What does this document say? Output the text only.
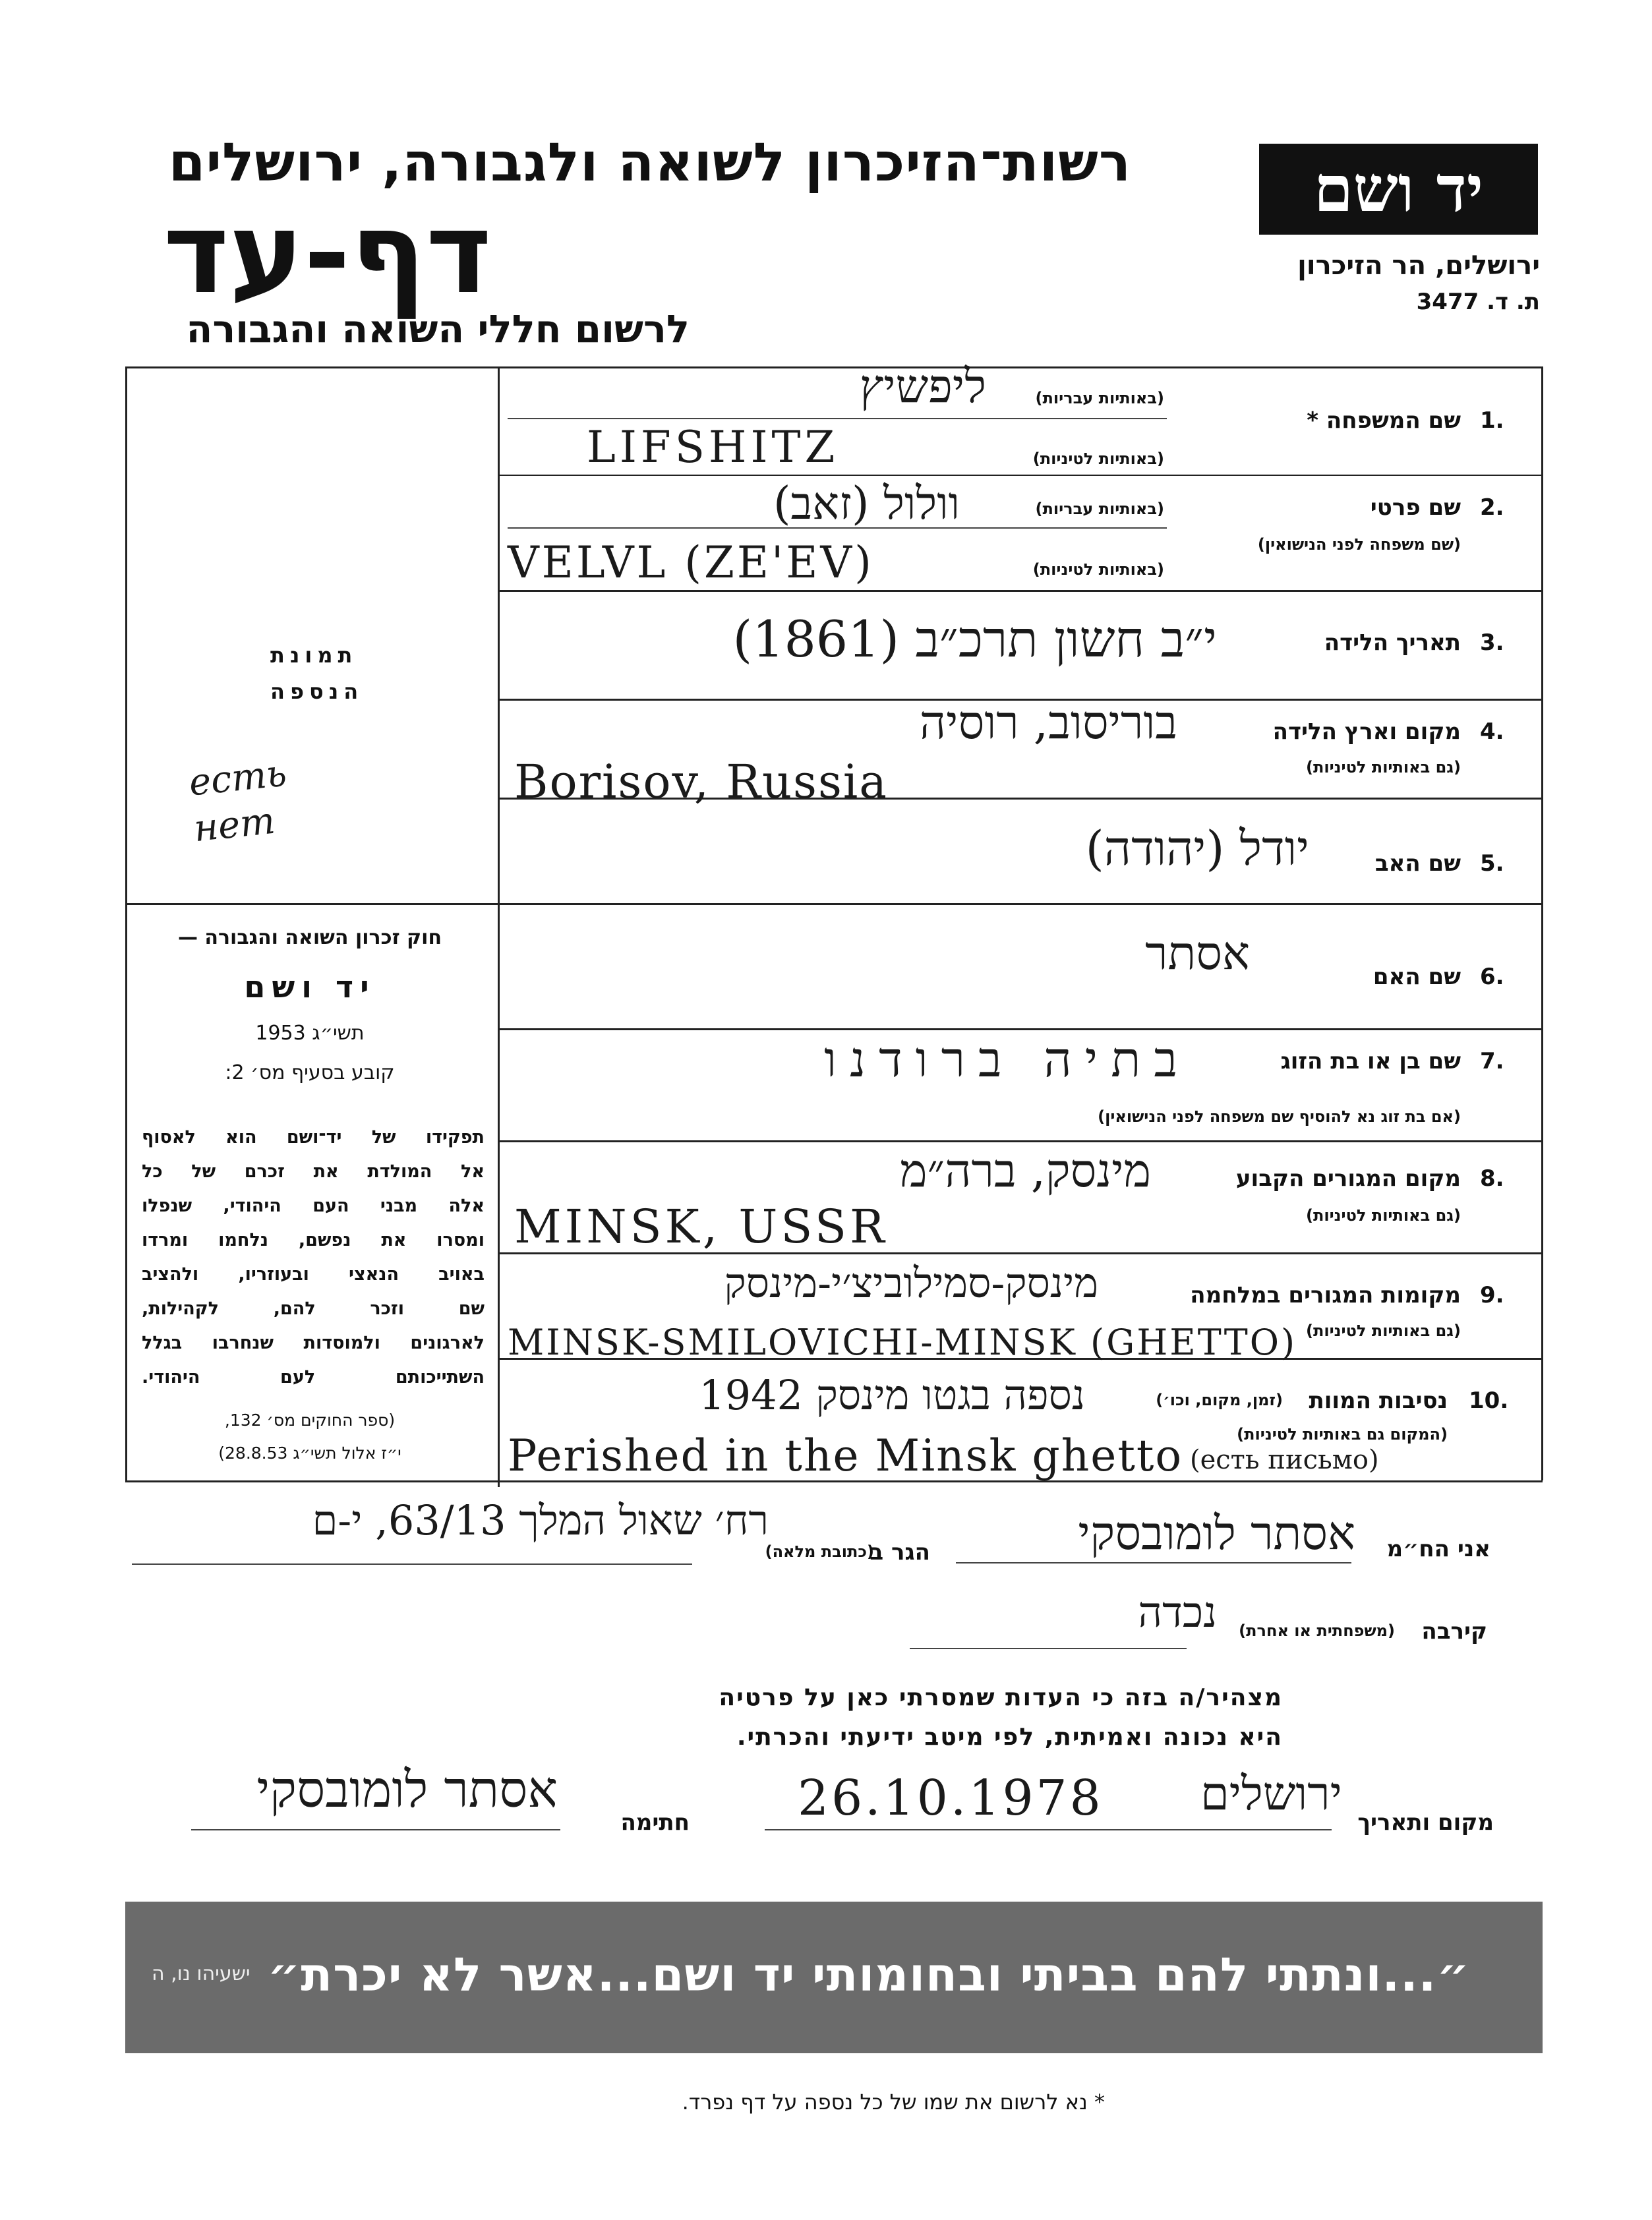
רשות־הזיכרון לשואה ולגבורה, ירושלים
דף-עד
לרשום חללי השואה והגבורה
יד ושם
ירושלים, הר הזיכרון
ת. ד. 3477
תמונת
הנספה
есть нет
חוק זכרון השואה והגבורה —
יד ושם
תשי״ג 1953
קובע בסעיף מס׳ 2:
תפקידו של יד־ושם הוא לאסוף
אל המולדת את זכרם של כל
אלה מבני העם היהודי, שנפלו
ומסרו את נפשם, נלחמו ומרדו
באויב הנאצי ובעוזריו, ולהציב
שם וזכר להם, לקהילות,
לארגונים ולמוסדות שנחרבו בגלל
השתייכותם לעם היהודי.
(ספר החוקים מס׳ 132,
י״ז אלול תשי״ג 28.8.53)
1.
שם המשפחה *
(באותיות עבריות)
ליפשיץ
(באותיות לטיניות)
LIFSHITZ
2.
שם פרטי
(שם משפחה לפני הנישואין)
(באותיות עבריות)
וולול (זאב)
(באותיות לטיניות)
VELVL (ZE'EV)
3.
תאריך הלידה
י״ב חשון תרכ״ב (1861)
4.
מקום וארץ הלידה
(גם באותיות לטיניות)
בוריסוב, רוסיה
Borisov, Russia
5.
שם האב
יודל (יהודה)
6.
שם האם
אסתר
7.
שם בן או בת הזוג
בתיה ברודנו
(אם בת זוג נא להוסיף שם משפחה לפני הנישואין)
8.
מקום המגורים הקבוע
(גם באותיות לטיניות)
מינסק, ברה״מ
MINSK, USSR
9.
מקומות המגורים במלחמה
(גם באותיות לטיניות)
מינסק-סמילוביצ׳י-מינסק
MINSK-SMILOVICHI-MINSK (GHETTO)
10.
נסיבות המוות
(זמן, מקום, וכו׳)
(המקום גם באותיות לטיניות)
נספה בגטו מינסק 1942
Perished in the Minsk ghetto (есть письмо)
אני הח״מ
אסתר לומובסקי
הגר ב
(כתובת מלאה)
רח׳ שאול המלך 63/13, י-ם
קירבה
(משפחתית או אחרת)
נכדה
מצהיר/ה בזה כי העדות שמסרתי כאן על פרטיה
היא נכונה ואמיתית, לפי מיטב ידיעתי והכרתי.
מקום ותאריך
ירושלים
26.10.1978
חתימה
אסתר לומובסקי
״...ונתתי להם בביתי ובחומותי יד ושם...אשר לא יכרת״
ישעיהו נו, ה
* נא לרשום את שמו של כל נספה על דף נפרד.
